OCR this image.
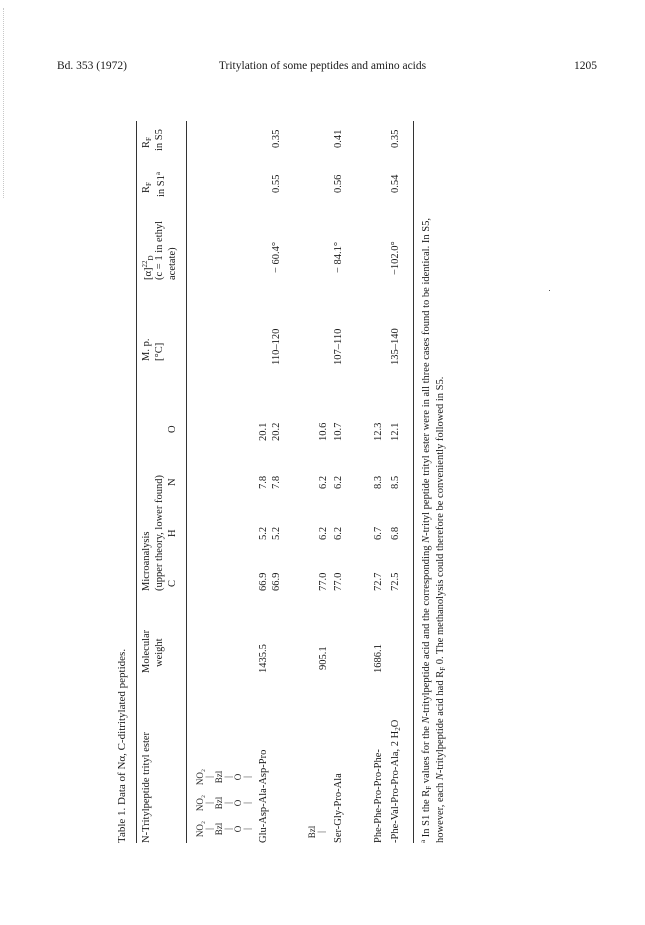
Bd. 353 (1972)	Tritylation of some peptides and amino acids	1205
Table 1. Data of Nα, C-ditritylated peptides. N-Tritylpeptide trityl ester
Molecular weight
Microanalysis (upper theory, lower found) C
H
N
O
M. p. [°C]
$[\alpha]^{22}_D$ (c = 1 in ethyl acetate)
$R_F$ in S1$^a$
$R_F$ in S5
NO₂ | Bzl | O |
NO₂ | Bzl | O |
NO₂ | Bzl | O | Glu-Asp-Ala-Asp-Pro
1435.5
66.9 66.9
5.2 5.2
7.8 7.8
20.1 20.2
110–120
− 60.4°
0.55
0.35
Bzl | Ser-Gly-Pro-Ala
905.1
77.0 77.0
6.2 6.2
6.2 6.2
10.6 10.7
107–110
− 84.1°
0.56
0.41
Phe-Phe-Pro-Pro-Phe- -Phe-Val-Pro-Pro-Ala, 2 $H_2O$
1686.1
72.7 72.5
6.7 6.8
8.3 8.5
12.3 12.1
135–140
−102.0°
0.54
0.35
$^a$ In S1 the $R_F$ values for the N-tritylpeptide acid and the corresponding N-trityl peptide trityl ester were in all three cases found to be identical. In S5,
however, each N-tritylpeptide acid had $R_F$ 0. The methanolysis could therefore be conveniently followed in S5.
